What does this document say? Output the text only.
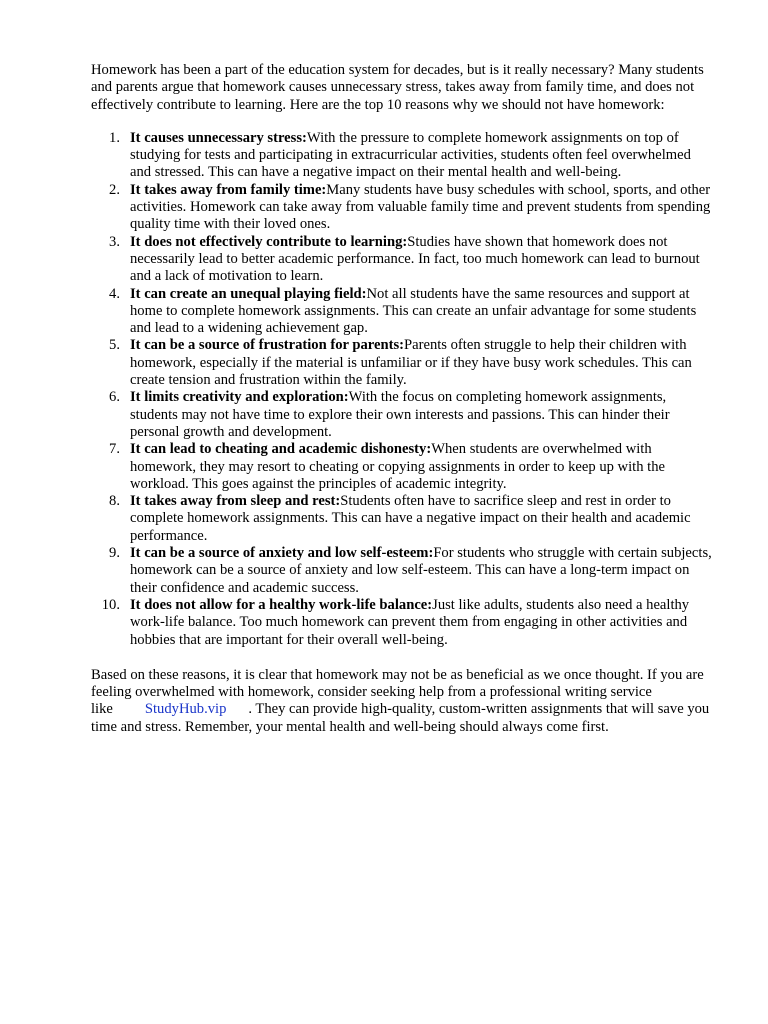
Homework has been a part of the education system for decades, but is it really necessary? Many students and parents argue that homework causes unnecessary stress, takes away from family time, and does not effectively contribute to learning. Here are the top 10 reasons why we should not have homework:

1. It causes unnecessary stress:With the pressure to complete homework assignments on top of studying for tests and participating in extracurricular activities, students often feel overwhelmed and stressed. This can have a negative impact on their mental health and well-being.
2. It takes away from family time:Many students have busy schedules with school, sports, and other activities. Homework can take away from valuable family time and prevent students from spending quality time with their loved ones.
3. It does not effectively contribute to learning:Studies have shown that homework does not necessarily lead to better academic performance. In fact, too much homework can lead to burnout and a lack of motivation to learn.
4. It can create an unequal playing field:Not all students have the same resources and support at home to complete homework assignments. This can create an unfair advantage for some students and lead to a widening achievement gap.
5. It can be a source of frustration for parents:Parents often struggle to help their children with homework, especially if the material is unfamiliar or if they have busy work schedules. This can create tension and frustration within the family.
6. It limits creativity and exploration:With the focus on completing homework assignments, students may not have time to explore their own interests and passions. This can hinder their personal growth and development.
7. It can lead to cheating and academic dishonesty:When students are overwhelmed with homework, they may resort to cheating or copying assignments in order to keep up with the workload. This goes against the principles of academic integrity.
8. It takes away from sleep and rest:Students often have to sacrifice sleep and rest in order to complete homework assignments. This can have a negative impact on their health and academic performance.
9. It can be a source of anxiety and low self-esteem:For students who struggle with certain subjects, homework can be a source of anxiety and low self-esteem. This can have a long-term impact on their confidence and academic success.
10. It does not allow for a healthy work-life balance:Just like adults, students also need a healthy work-life balance. Too much homework can prevent them from engaging in other activities and hobbies that are important for their overall well-being.

Based on these reasons, it is clear that homework may not be as beneficial as we once thought. If you are feeling overwhelmed with homework, consider seeking help from a professional writing service like StudyHub.vip . They can provide high-quality, custom-written assignments that will save you time and stress. Remember, your mental health and well-being should always come first.
